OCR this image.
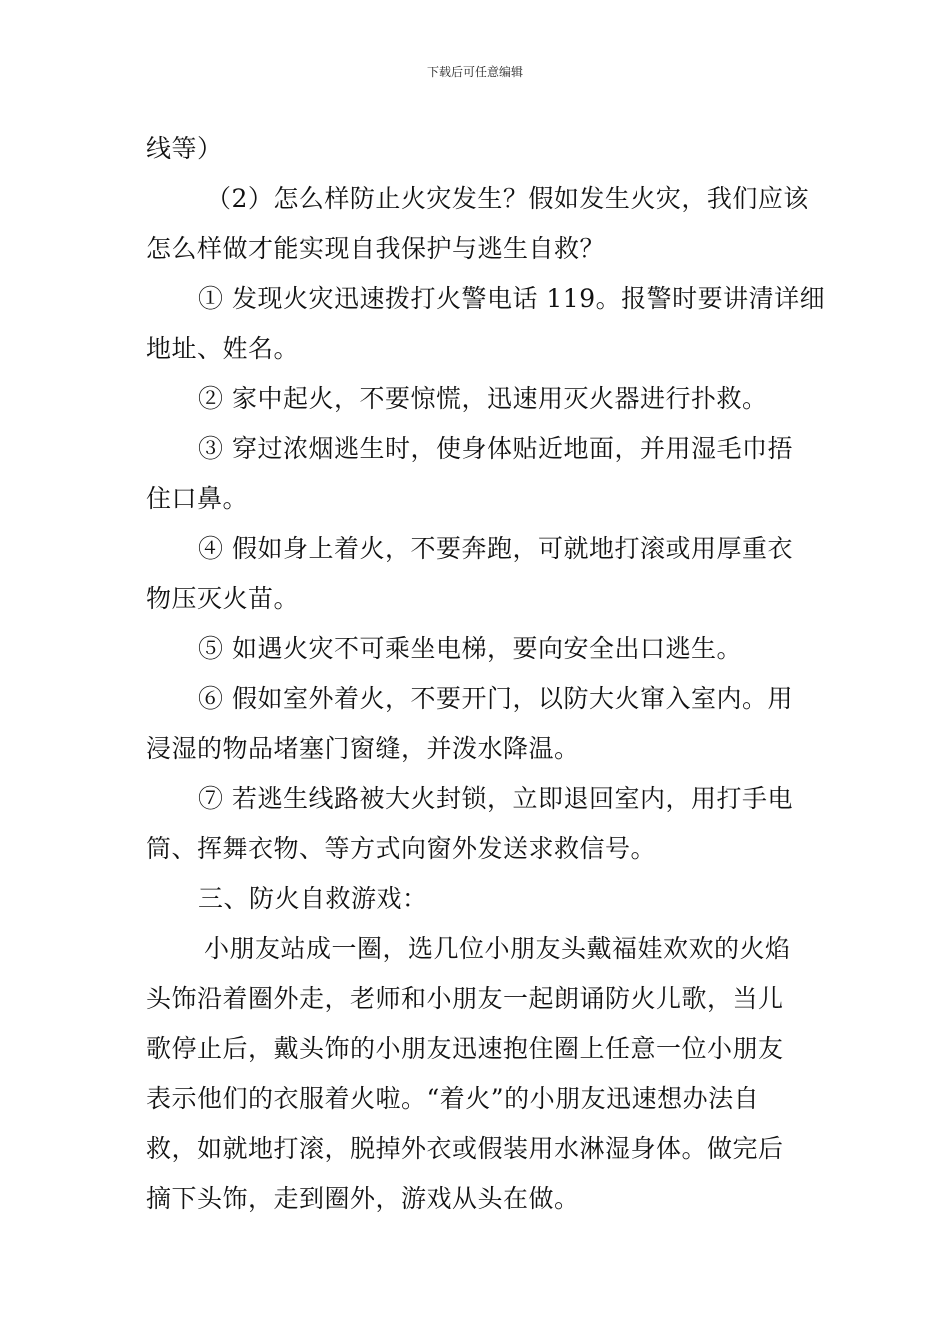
下载后可任意编辑
线等）
（2）怎么样防止火灾发生？假如发生火灾，我们应该
怎么样做才能实现自我保护与逃生自救？
① 发现火灾迅速拨打火警电话 119。报警时要讲清详细
地址、姓名。
② 家中起火，不要惊慌，迅速用灭火器进行扑救。
③ 穿过浓烟逃生时，使身体贴近地面，并用湿毛巾捂
住口鼻。
④ 假如身上着火，不要奔跑，可就地打滚或用厚重衣
物压灭火苗。
⑤ 如遇火灾不可乘坐电梯，要向安全出口逃生。
⑥ 假如室外着火，不要开门，以防大火窜入室内。用
浸湿的物品堵塞门窗缝，并泼水降温。
⑦ 若逃生线路被大火封锁，立即退回室内，用打手电
筒、挥舞衣物、等方式向窗外发送求救信号。
三、防火自救游戏：
小朋友站成一圈，选几位小朋友头戴福娃欢欢的火焰
头饰沿着圈外走，老师和小朋友一起朗诵防火儿歌，当儿
歌停止后，戴头饰的小朋友迅速抱住圈上任意一位小朋友
表示他们的衣服着火啦。“着火”的小朋友迅速想办法自
救，如就地打滚，脱掉外衣或假装用水淋湿身体。做完后
摘下头饰，走到圈外，游戏从头在做。
